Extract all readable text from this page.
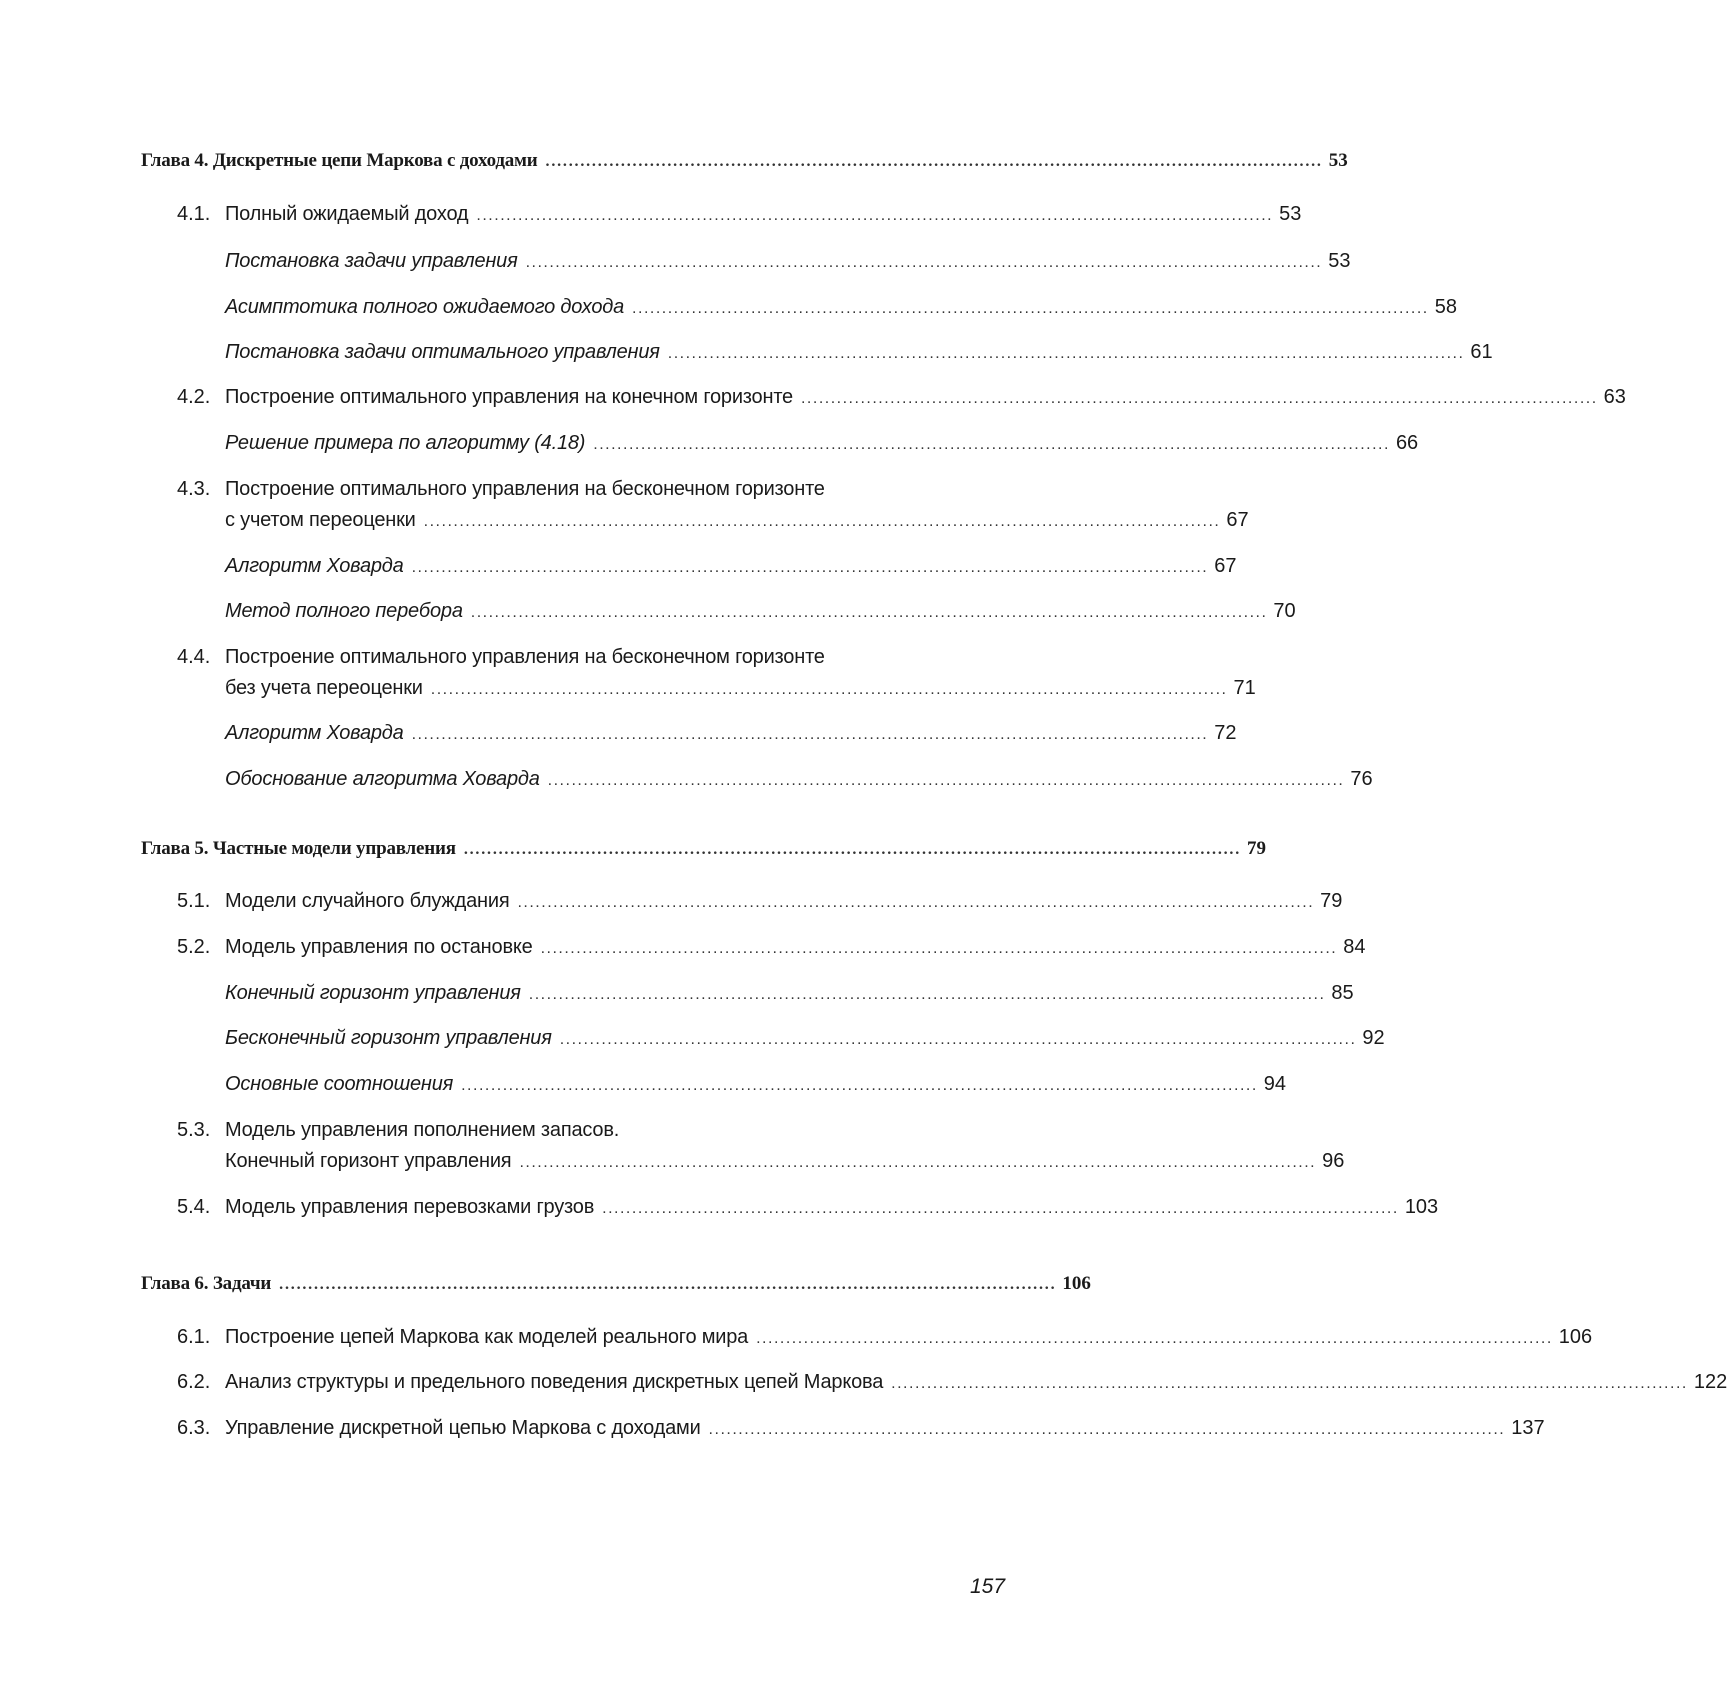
Глава 4. Дискретные цепи Маркова с доходами ...................................................................................................................................... 53
4.1. Полный ожидаемый доход ...................................................................................................................................... 53
Постановка задачи управления ...................................................................................................................................... 53
Асимптотика полного ожидаемого дохода ...................................................................................................................................... 58
Постановка задачи оптимального управления ...................................................................................................................................... 61
4.2. Построение оптимального управления на конечном горизонте ...................................................................................................................................... 63
Решение примера по алгоритму (4.18) ...................................................................................................................................... 66
4.3. Построение оптимального управления на бесконечном горизонте
с учетом переоценки ...................................................................................................................................... 67
Алгоритм Ховарда ...................................................................................................................................... 67
Метод полного перебора ...................................................................................................................................... 70
4.4. Построение оптимального управления на бесконечном горизонте
без учета переоценки ...................................................................................................................................... 71
Алгоритм Ховарда ...................................................................................................................................... 72
Обоснование алгоритма Ховарда ...................................................................................................................................... 76
Глава 5. Частные модели управления ...................................................................................................................................... 79
5.1. Модели случайного блуждания ...................................................................................................................................... 79
5.2. Модель управления по остановке ...................................................................................................................................... 84
Конечный горизонт управления ...................................................................................................................................... 85
Бесконечный горизонт управления ...................................................................................................................................... 92
Основные соотношения ...................................................................................................................................... 94
5.3. Модель управления пополнением запасов.
Конечный горизонт управления ...................................................................................................................................... 96
5.4. Модель управления перевозками грузов ...................................................................................................................................... 103
Глава 6. Задачи ...................................................................................................................................... 106
6.1. Построение цепей Маркова как моделей реального мира ...................................................................................................................................... 106
6.2. Анализ структуры и предельного поведения дискретных цепей Маркова ...................................................................................................................................... 122
6.3. Управление дискретной цепью Маркова с доходами ...................................................................................................................................... 137
157
